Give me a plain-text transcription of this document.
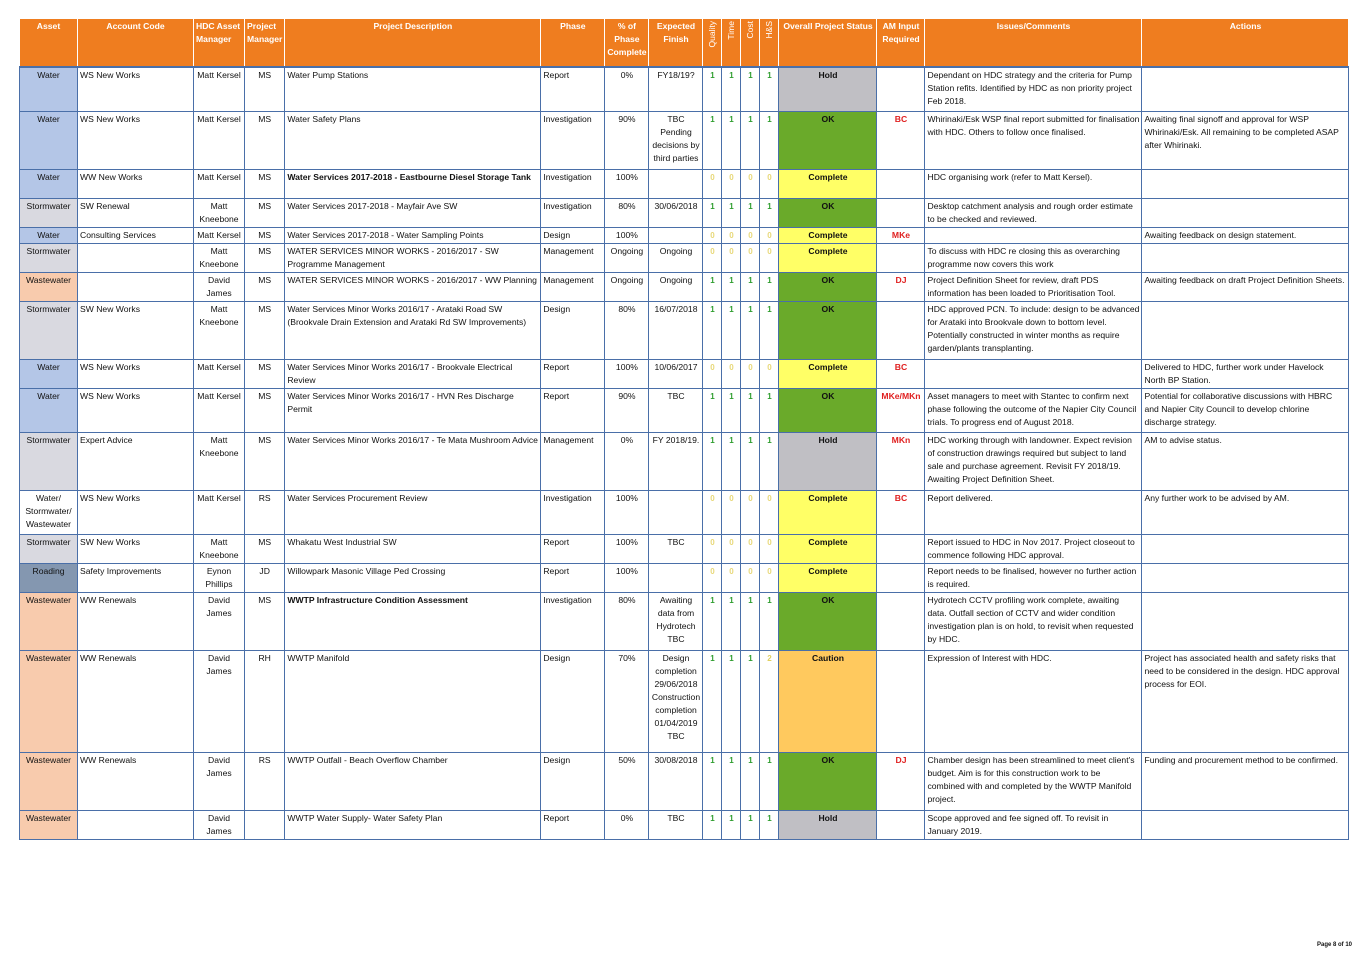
Asset	Account Code	HDC Asset Manager	Project Manager	Project Description	Phase	% of Phase Complete	Expected Finish	Quality	Time	Cost	H&S	Overall Project Status	AM Input Required	Issues/Comments	Actions
Water	WS New Works	Matt Kersel	MS	Water Pump Stations	Report	0%	FY18/19?	1	1	1	1	Hold		Dependant on HDC strategy and the criteria for Pump Station refits. Identified by HDC as non priority project Feb 2018.	
Water	WS New Works	Matt Kersel	MS	Water Safety Plans	Investigation	90%	TBC Pending decisions by third parties	1	1	1	1	OK	BC	Whirinaki/Esk WSP final report submitted for finalisation with HDC. Others to follow once finalised.	Awaiting final signoff and approval for WSP Whirinaki/Esk. All remaining to be completed ASAP after Whirinaki.
Water	WW New Works	Matt Kersel	MS	Water Services 2017-2018 - Eastbourne Diesel Storage Tank	Investigation	100%		0	0	0	0	Complete		HDC organising work (refer to Matt Kersel).	
Stormwater	SW Renewal	Matt Kneebone	MS	Water Services 2017-2018 - Mayfair Ave SW	Investigation	80%	30/06/2018	1	1	1	1	OK		Desktop catchment analysis and rough order estimate to be checked and reviewed.	
Water	Consulting Services	Matt Kersel	MS	Water Services 2017-2018 - Water Sampling Points	Design	100%		0	0	0	0	Complete	MKe		Awaiting feedback on design statement.
Stormwater		Matt Kneebone	MS	WATER SERVICES MINOR WORKS - 2016/2017 - SW Programme Management	Management	Ongoing	Ongoing	0	0	0	0	Complete		To discuss with HDC re closing this as overarching programme now covers this work	
Wastewater		David James	MS	WATER SERVICES MINOR WORKS - 2016/2017 - WW Planning	Management	Ongoing	Ongoing	1	1	1	1	OK	DJ	Project Definition Sheet for review, draft PDS information has been loaded to Prioritisation Tool.	Awaiting feedback on draft Project Definition Sheets.
Stormwater	SW New Works	Matt Kneebone	MS	Water Services Minor Works 2016/17 - Arataki Road SW (Brookvale Drain Extension and Arataki Rd SW Improvements)	Design	80%	16/07/2018	1	1	1	1	OK		HDC approved PCN. To include: design to be advanced for Arataki into Brookvale down to bottom level. Potentially constructed in winter months as require garden/plants transplanting.	
Water	WS New Works	Matt Kersel	MS	Water Services Minor Works 2016/17 - Brookvale Electrical Review	Report	100%	10/06/2017	0	0	0	0	Complete	BC		Delivered to HDC, further work under Havelock North BP Station.
Water	WS New Works	Matt Kersel	MS	Water Services Minor Works 2016/17 - HVN Res Discharge Permit	Report	90%	TBC	1	1	1	1	OK	MKe/MKn	Asset managers to meet with Stantec to confirm next phase following the outcome of the Napier City Council trials. To progress end of August 2018.	Potential for collaborative discussions with HBRC and Napier City Council to develop chlorine discharge strategy.
Stormwater	Expert Advice	Matt Kneebone	MS	Water Services Minor Works 2016/17 - Te Mata Mushroom Advice	Management	0%	FY 2018/19.	1	1	1	1	Hold	MKn	HDC working through with landowner. Expect revision of construction drawings required but subject to land sale and purchase agreement. Revisit FY 2018/19. Awaiting Project Definition Sheet.	AM to advise status.
Water/ Stormwater/ Wastewater	WS New Works	Matt Kersel	RS	Water Services Procurement Review	Investigation	100%		0	0	0	0	Complete	BC	Report delivered.	Any further work to be advised by AM.
Stormwater	SW New Works	Matt Kneebone	MS	Whakatu West Industrial SW	Report	100%	TBC	0	0	0	0	Complete		Report issued to HDC in Nov 2017. Project closeout to commence following HDC approval.	
Roading	Safety Improvements	Eynon Phillips	JD	Willowpark Masonic Village Ped Crossing	Report	100%		0	0	0	0	Complete		Report needs to be finalised, however no further action is required.	
Wastewater	WW Renewals	David James	MS	WWTP Infrastructure Condition Assessment	Investigation	80%	Awaiting data from Hydrotech TBC	1	1	1	1	OK		Hydrotech CCTV profiling work complete, awaiting data. Outfall section of CCTV and wider condition investigation plan is on hold, to revisit when requested by HDC.	
Wastewater	WW Renewals	David James	RH	WWTP Manifold	Design	70%	Design completion 29/06/2018 Construction completion 01/04/2019 TBC	1	1	1	2	Caution		Expression of Interest with HDC.	Project has associated health and safety risks that need to be considered in the design. HDC approval process for EOI.
Wastewater	WW Renewals	David James	RS	WWTP Outfall - Beach Overflow Chamber	Design	50%	30/08/2018	1	1	1	1	OK	DJ	Chamber design has been streamlined to meet client's budget. Aim is for this construction work to be combined with and completed by the WWTP Manifold project.	Funding and procurement method to be confirmed.
Wastewater		David James		WWTP Water Supply- Water Safety Plan	Report	0%	TBC	1	1	1	1	Hold		Scope approved and fee signed off. To revisit in January 2019.	
Page 8 of 10
